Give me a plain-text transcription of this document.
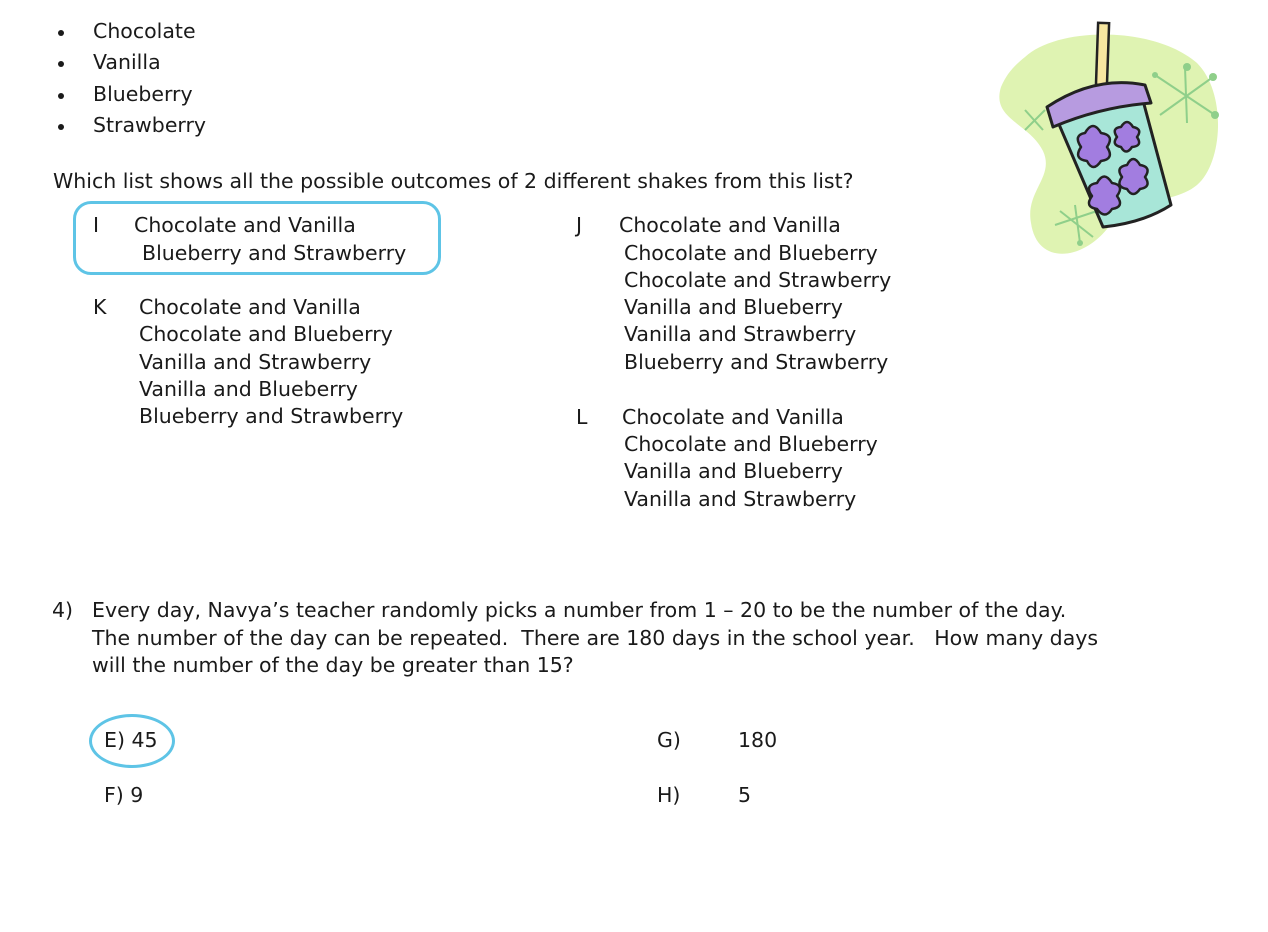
Chocolate
Vanilla
Blueberry
Strawberry
Which list shows all the possible outcomes of 2 different shakes from this list?
I Chocolate and Vanilla
Blueberry and Strawberry
K Chocolate and Vanilla
Chocolate and Blueberry
Vanilla and Strawberry
Vanilla and Blueberry
Blueberry and Strawberry
J Chocolate and Vanilla
Chocolate and Blueberry
Chocolate and Strawberry
Vanilla and Blueberry
Vanilla and Strawberry
Blueberry and Strawberry
L Chocolate and Vanilla
Chocolate and Blueberry
Vanilla and Blueberry
Vanilla and Strawberry
4) Every day, Navya’s teacher randomly picks a number from 1 – 20 to be the number of the day.
The number of the day can be repeated.  There are 180 days in the school year.   How many days
will the number of the day be greater than 15?
E) 45
F) 9
G)	180
H)	5
